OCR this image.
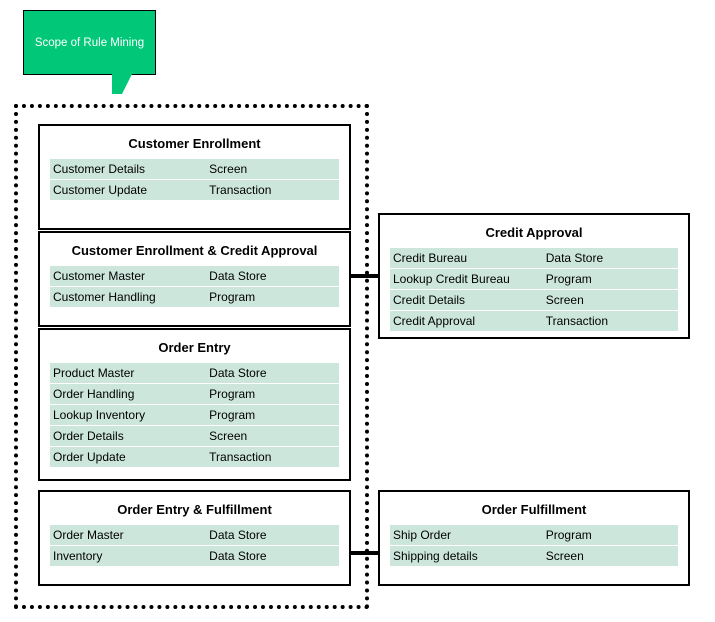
Scope of Rule Mining
Customer Enrollment
Customer Details	Screen
Customer Update	Transaction
Customer Enrollment & Credit Approval
Customer Master	Data Store
Customer Handling	Program
Order Entry
Product Master	Data Store
Order Handling	Program
Lookup Inventory	Program
Order Details	Screen
Order Update	Transaction
Order Entry & Fulfillment
Order Master	Data Store
Inventory	Data Store
Credit Approval
Credit Bureau	Data Store
Lookup Credit Bureau	Program
Credit Details	Screen
Credit Approval	Transaction
Order Fulfillment
Ship Order	Program
Shipping details	Screen
